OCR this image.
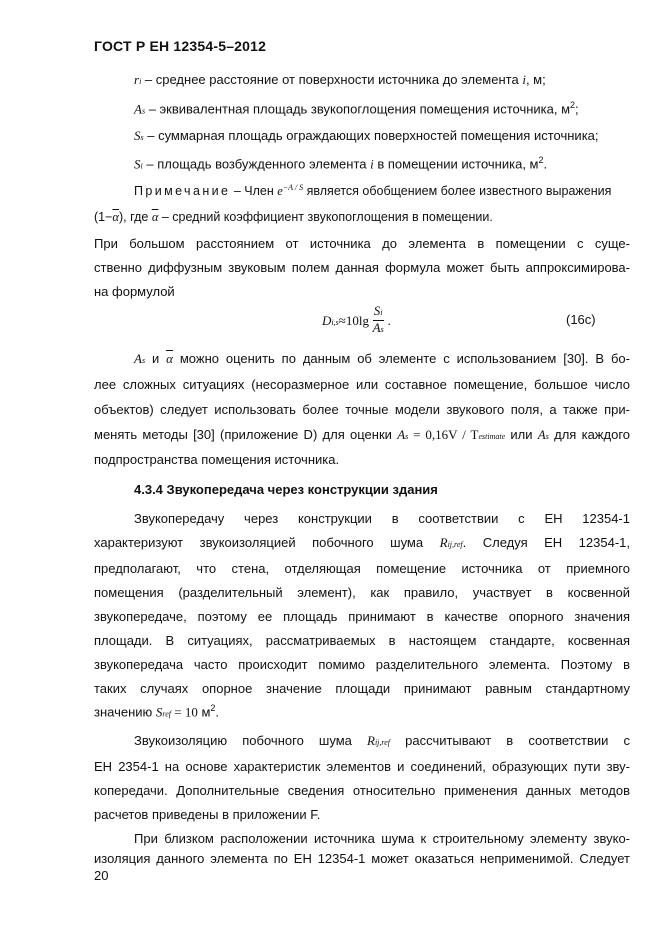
ГОСТ Р ЕН 12354-5–2012
ri – среднее расстояние от поверхности источника до элемента i, м;
As – эквивалентная площадь звукопоглощения помещения источника, $м^2$;
Ss – суммарная площадь ограждающих поверхностей помещения источника;
Si – площадь возбужденного элемента i в помещении источника, $м^2$.
Примечание – Член $e^{-A / S}$ является обобщением более известного выражения
$(1-\overline{\alpha})$, где $\overline{\alpha}$ – средний коэффициент звукопоглощения в помещении.
При большом расстоянием от источника до элемента в помещении с суще-
ственно диффузным звуковым полем данная формула может быть аппроксимирова-
на формулой
$Di,s\approx 10\lg \frac{Si}{As}$ .	(16c)
As и $\overline{\alpha}$ можно оценить по данным об элементе с использованием [30]. В бо-
лее сложных ситуациях (несоразмерное или составное помещение, большое число
объектов) следует использовать более точные модели звукового поля, а также при-
менять методы [30] (приложение D) для оценки As = 0,16V / Testimate или As для каждого
подпространства помещения источника.
4.3.4 Звукопередача через конструкции здания
Звукопередачу через конструкции в соответствии с ЕН 12354-1
характеризуют звукоизоляцией побочного шума Rij,ref. Следуя ЕН 12354-1,
предполагают, что стена, отделяющая помещение источника от приемного
помещения (разделительный элемент), как правило, участвует в косвенной
звукопередаче, поэтому ее площадь принимают в качестве опорного значения
площади. В ситуациях, рассматриваемых в настоящем стандарте, косвенная
звукопередача часто происходит помимо разделительного элемента. Поэтому в
таких случаях опорное значение площади принимают равным стандартному
значению Sref = 10 $м^2$.
Звукоизоляцию побочного шума Rij,ref рассчитывают в соответствии с
ЕН 2354-1 на основе характеристик элементов и соединений, образующих пути зву-
копередачи. Дополнительные сведения относительно применения данных методов
расчетов приведены в приложении F.
При близком расположении источника шума к строительному элементу звуко-
изоляция данного элемента по ЕН 12354-1 может оказаться неприменимой. Следует
20
